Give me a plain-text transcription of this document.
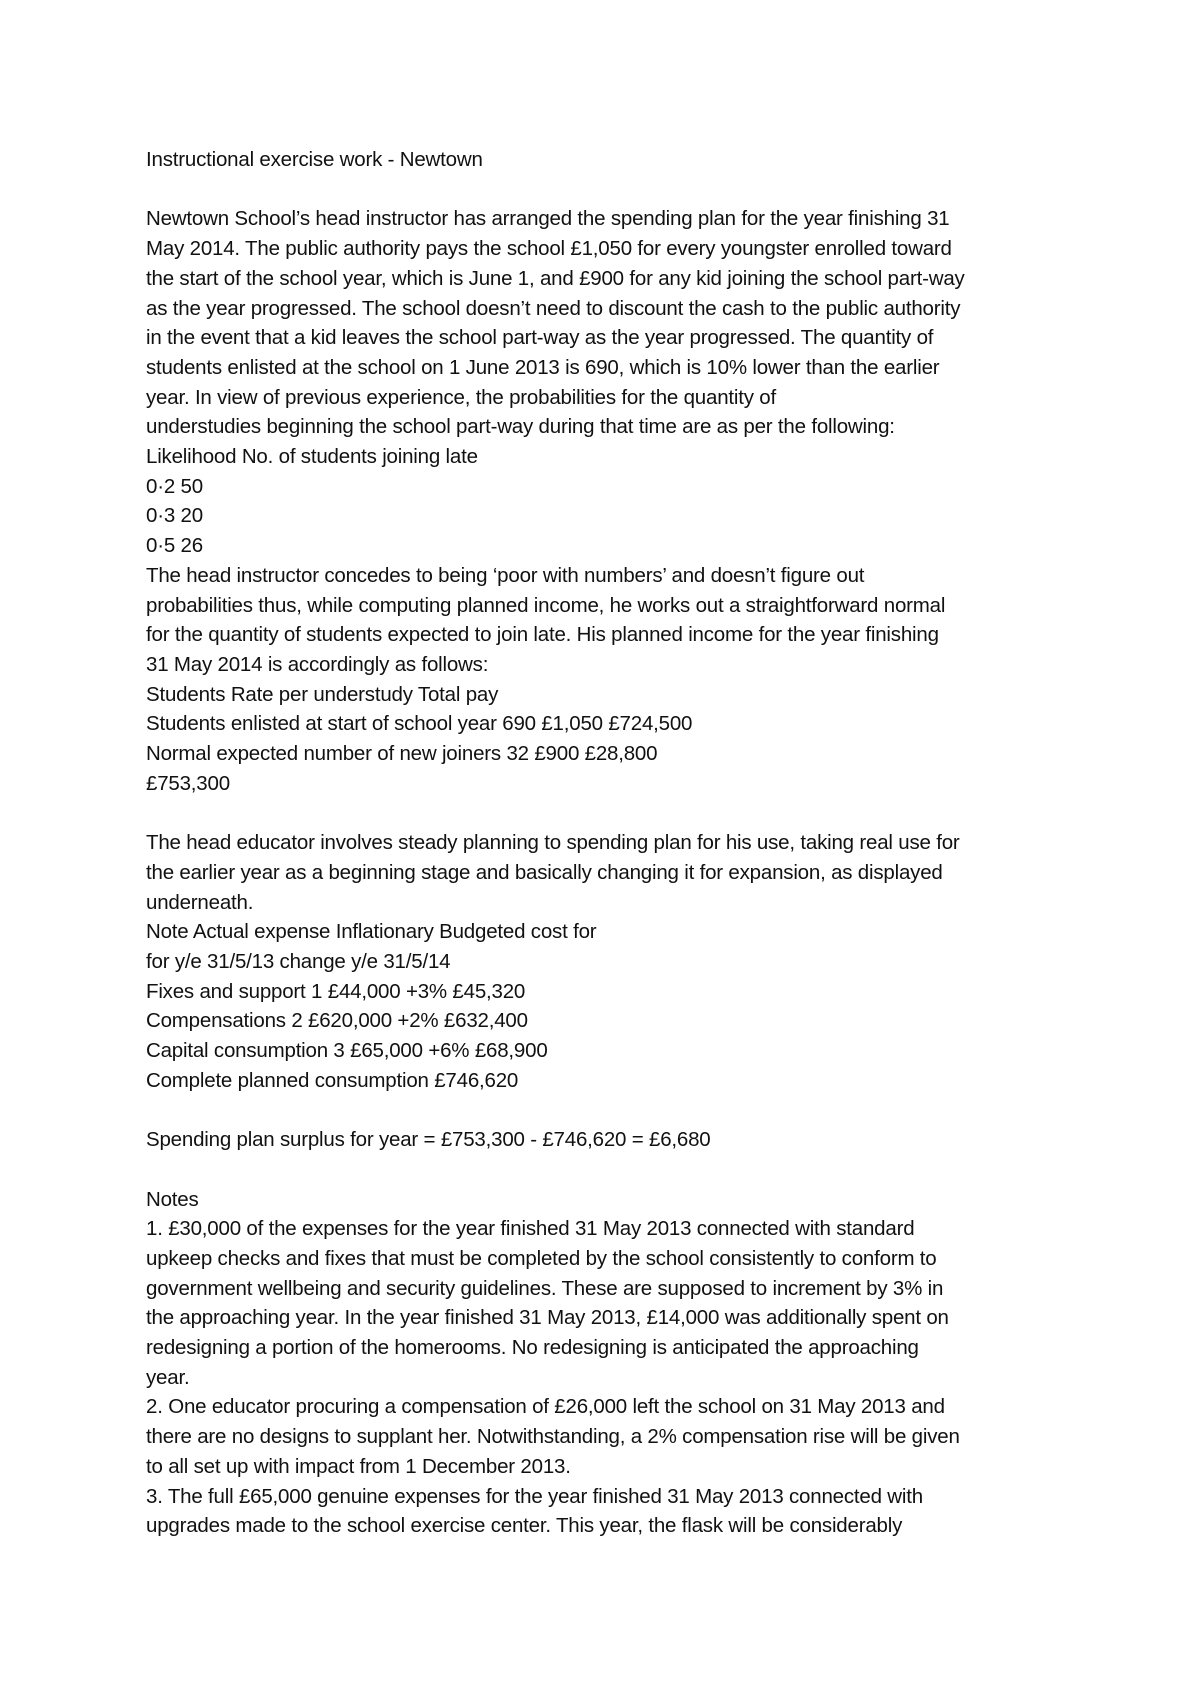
Instructional exercise work - Newtown
Newtown School’s head instructor has arranged the spending plan for the year finishing 31
May 2014. The public authority pays the school £1,050 for every youngster enrolled toward
the start of the school year, which is June 1, and £900 for any kid joining the school part-way
as the year progressed. The school doesn’t need to discount the cash to the public authority
in the event that a kid leaves the school part-way as the year progressed. The quantity of
students enlisted at the school on 1 June 2013 is 690, which is 10% lower than the earlier
year. In view of previous experience, the probabilities for the quantity of
understudies beginning the school part-way during that time are as per the following:
Likelihood No. of students joining late
0·2 50
0·3 20
0·5 26
The head instructor concedes to being ‘poor with numbers’ and doesn’t figure out
probabilities thus, while computing planned income, he works out a straightforward normal
for the quantity of students expected to join late. His planned income for the year finishing
31 May 2014 is accordingly as follows:
Students Rate per understudy Total pay
Students enlisted at start of school year 690 £1,050 £724,500
Normal expected number of new joiners 32 £900 £28,800
£753,300
The head educator involves steady planning to spending plan for his use, taking real use for
the earlier year as a beginning stage and basically changing it for expansion, as displayed
underneath.
Note Actual expense Inflationary Budgeted cost for
for y/e 31/5/13 change y/e 31/5/14
Fixes and support 1 £44,000 +3% £45,320
Compensations 2 £620,000 +2% £632,400
Capital consumption 3 £65,000 +6% £68,900
Complete planned consumption £746,620
Spending plan surplus for year = £753,300 - £746,620 = £6,680
Notes
1. £30,000 of the expenses for the year finished 31 May 2013 connected with standard
upkeep checks and fixes that must be completed by the school consistently to conform to
government wellbeing and security guidelines. These are supposed to increment by 3% in
the approaching year. In the year finished 31 May 2013, £14,000 was additionally spent on
redesigning a portion of the homerooms. No redesigning is anticipated the approaching
year.
2. One educator procuring a compensation of £26,000 left the school on 31 May 2013 and
there are no designs to supplant her. Notwithstanding, a 2% compensation rise will be given
to all set up with impact from 1 December 2013.
3. The full £65,000 genuine expenses for the year finished 31 May 2013 connected with
upgrades made to the school exercise center. This year, the flask will be considerably
